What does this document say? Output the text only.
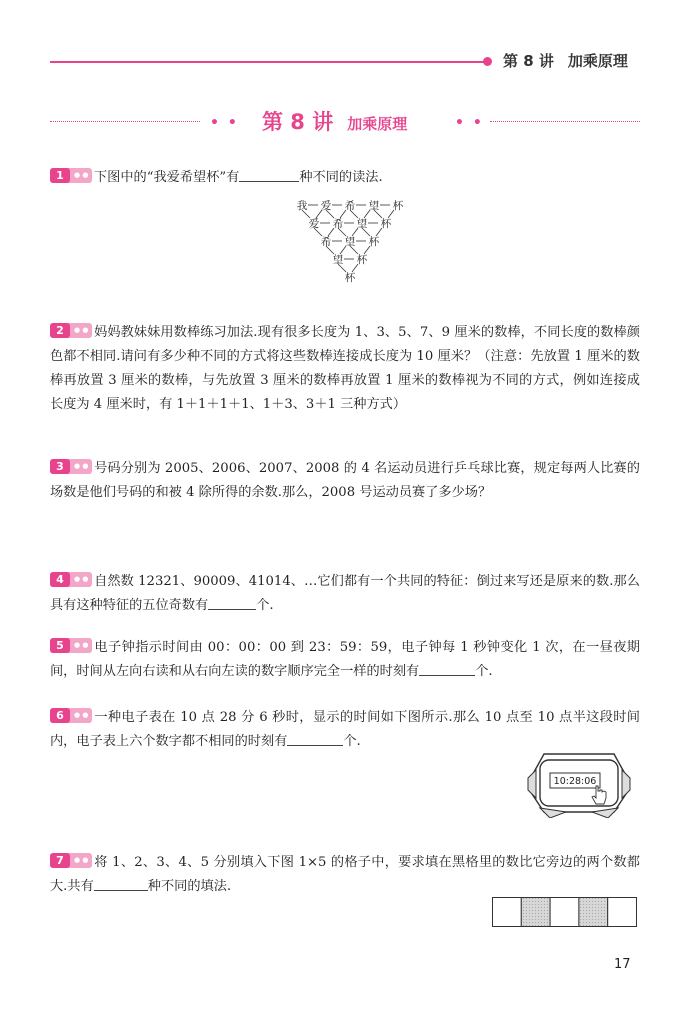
第 8 讲 加乘原理
• • 第 8 讲 加乘原理	• •
1	● ● 下图中的“我爱希望杯”有	种不同的读法.
我 爱 希 望 杯
爱 希 望 杯
希 望 杯
望 杯
杯
2	● ● 妈妈教妹妹用数棒练习加法.现有很多长度为 1、3、5、7、9 厘米的数棒，不同长度的数棒颜色都不相同.请问有多少种不同的方式将这些数棒连接成长度为 10 厘米？（注意：先放置 1 厘米的数棒再放置 3 厘米的数棒，与先放置 3 厘米的数棒再放置 1 厘米的数棒视为不同的方式，例如连接成长度为 4 厘米时，有 1＋1＋1＋1、1＋3、3＋1 三种方式）
3	● ● 号码分别为 2005、2006、2007、2008 的 4 名运动员进行乒乓球比赛，规定每两人比赛的场数是他们号码的和被 4 除所得的余数.那么，2008 号运动员赛了多少场？
4	● ● 自然数 12321、90009、41014、…它们都有一个共同的特征：倒过来写还是原来的数.那么具有这种特征的五位奇数有	个.
5	● ● 电子钟指示时间由 00：00：00 到 23：59：59，电子钟每 1 秒钟变化 1 次，在一昼夜期间，时间从左向右读和从右向左读的数字顺序完全一样的时刻有	个.
6	● ● 一种电子表在 10 点 28 分 6 秒时，显示的时间如下图所示.那么 10 点至 10 点半这段时间内，电子表上六个数字都不相同的时刻有	个.
10:28:06
7	● ● 将 1、2、3、4、5 分别填入下图 1×5 的格子中，要求填在黑格里的数比它旁边的两个数都大.共有	种不同的填法.
17
